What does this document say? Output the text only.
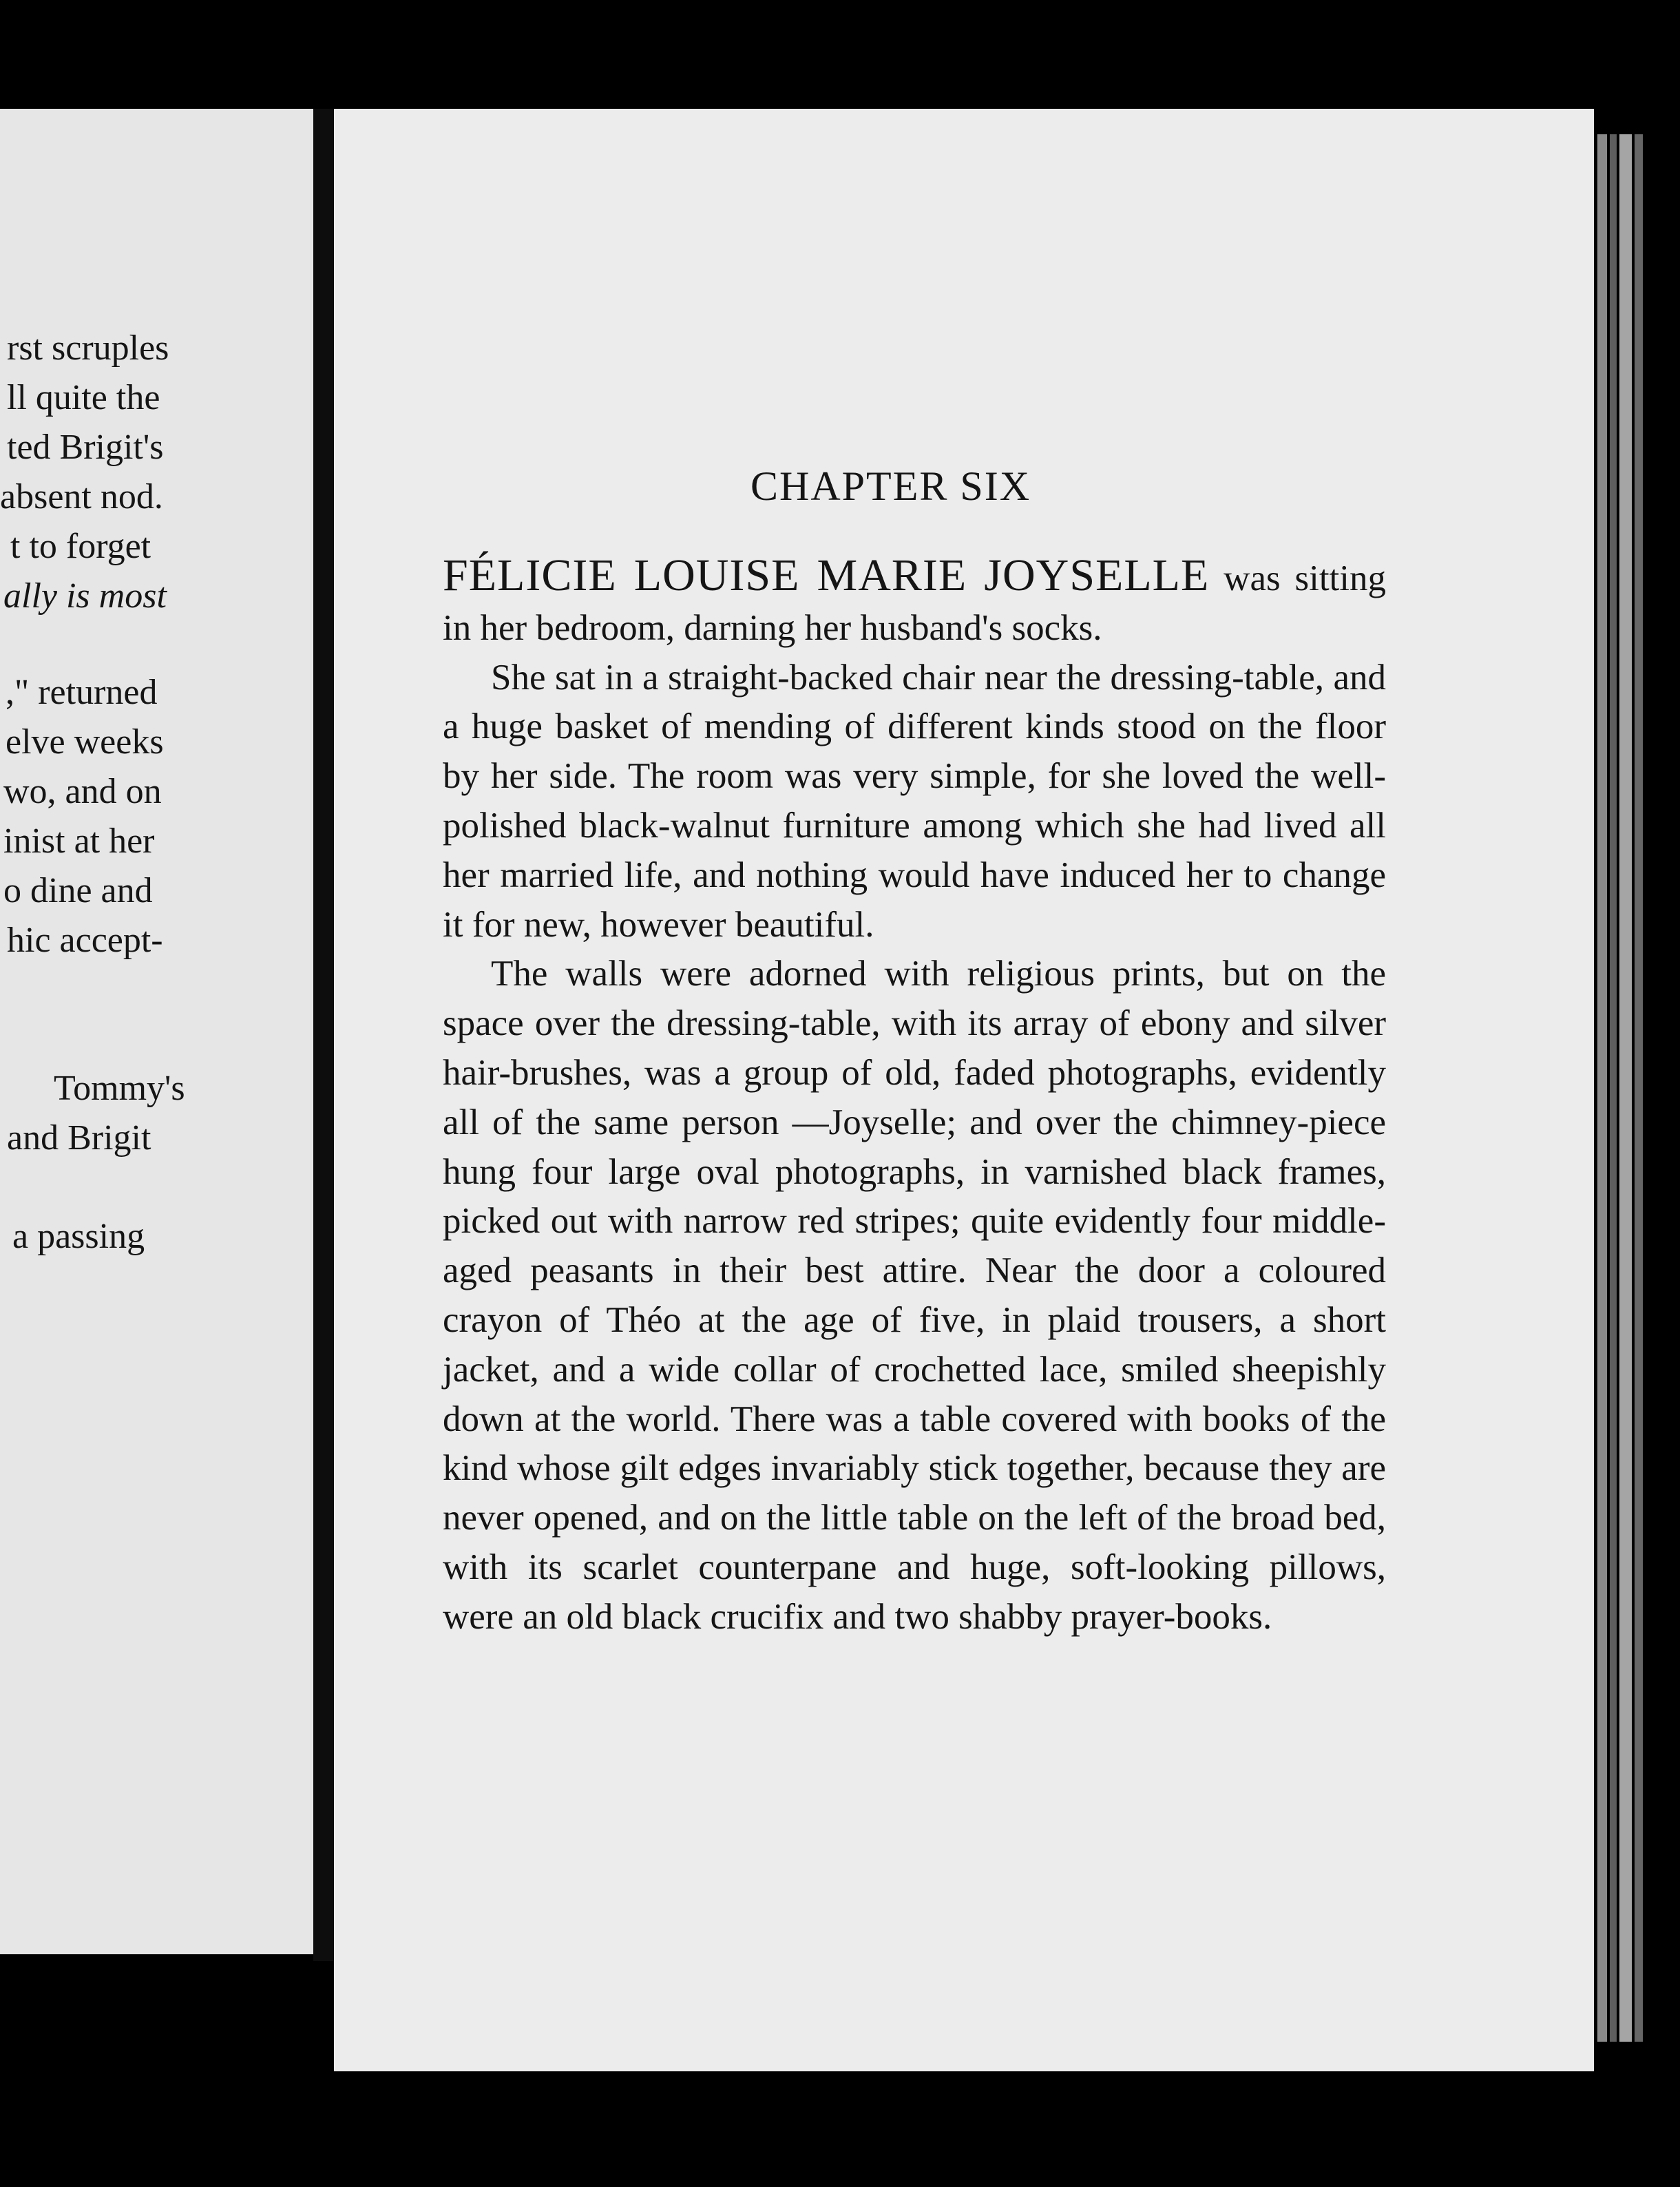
rst scruples
ll quite the
ted Brigit's
absent nod.
t to forget
ally is most
," returned
elve weeks
wo, and on
inist at her
o dine and
hic accept-
Tommy's
and Brigit
a passing
CHAPTER SIX

FÉLICIE LOUISE MARIE JOYSELLE was sitting in her bedroom, darning her husband's socks.

She sat in a straight-backed chair near the dressing-table, and a huge basket of mending of different kinds stood on the floor by her side. The room was very simple, for she loved the well-polished black-walnut furniture among which she had lived all her married life, and nothing would have induced her to change it for new, however beautiful.

The walls were adorned with religious prints, but on the space over the dressing-table, with its array of ebony and silver hair-brushes, was a group of old, faded photographs, evidently all of the same person —Joyselle; and over the chimney-piece hung four large oval photographs, in varnished black frames, picked out with narrow red stripes; quite evidently four middle-aged peasants in their best attire. Near the door a coloured crayon of Théo at the age of five, in plaid trousers, a short jacket, and a wide collar of crochetted lace, smiled sheepishly down at the world. There was a table covered with books of the kind whose gilt edges invariably stick together, because they are never opened, and on the little table on the left of the broad bed, with its scarlet counterpane and huge, soft-looking pillows, were an old black crucifix and two shabby prayer-books.
